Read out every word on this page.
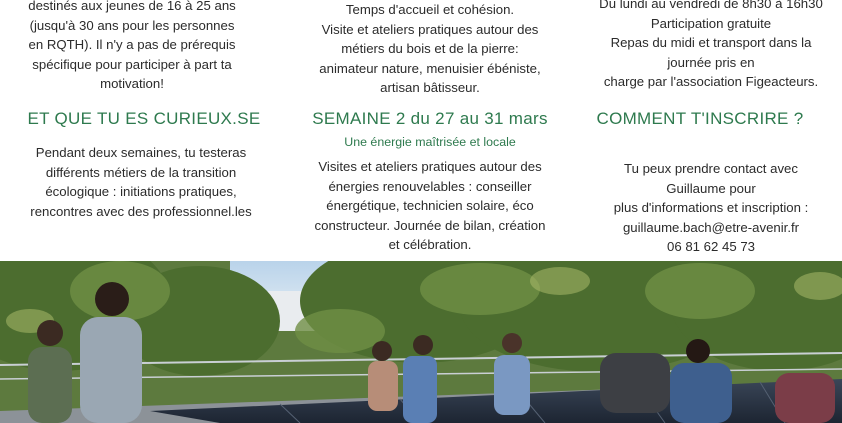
destinés aux jeunes de 16 à 25 ans

(jusqu'à 30 ans pour les personnes

en RQTH). Il n'y a pas de prérequis

spécifique pour participer à part ta

motivation!

ET QUE TU ES CURIEUX.SE

Pendant deux semaines, tu testeras

différents métiers de la transition

écologique : initiations pratiques,

rencontres avec des professionnel.les

Temps d'accueil et cohésion.

Visite et ateliers pratiques autour des

métiers du bois et de la pierre:

animateur nature, menuisier ébéniste,

artisan bâtisseur.

SEMAINE 2 du 27 au 31 mars
Une énergie maîtrisée et locale

Visites et ateliers pratiques autour des

énergies renouvelables : conseiller

énergétique, technicien solaire, éco

constructeur. Journée de bilan, création

et célébration.

Du lundi au vendredi de 8h30 à 16h30

Participation gratuite

Repas du midi et transport dans la

journée pris en

charge par l'association Figeacteurs.

COMMENT T'INSCRIRE ?

Tu peux prendre contact avec

Guillaume pour

plus d'informations et inscription :

guillaume.bach@etre-avenir.fr

06 81 62 45 73
